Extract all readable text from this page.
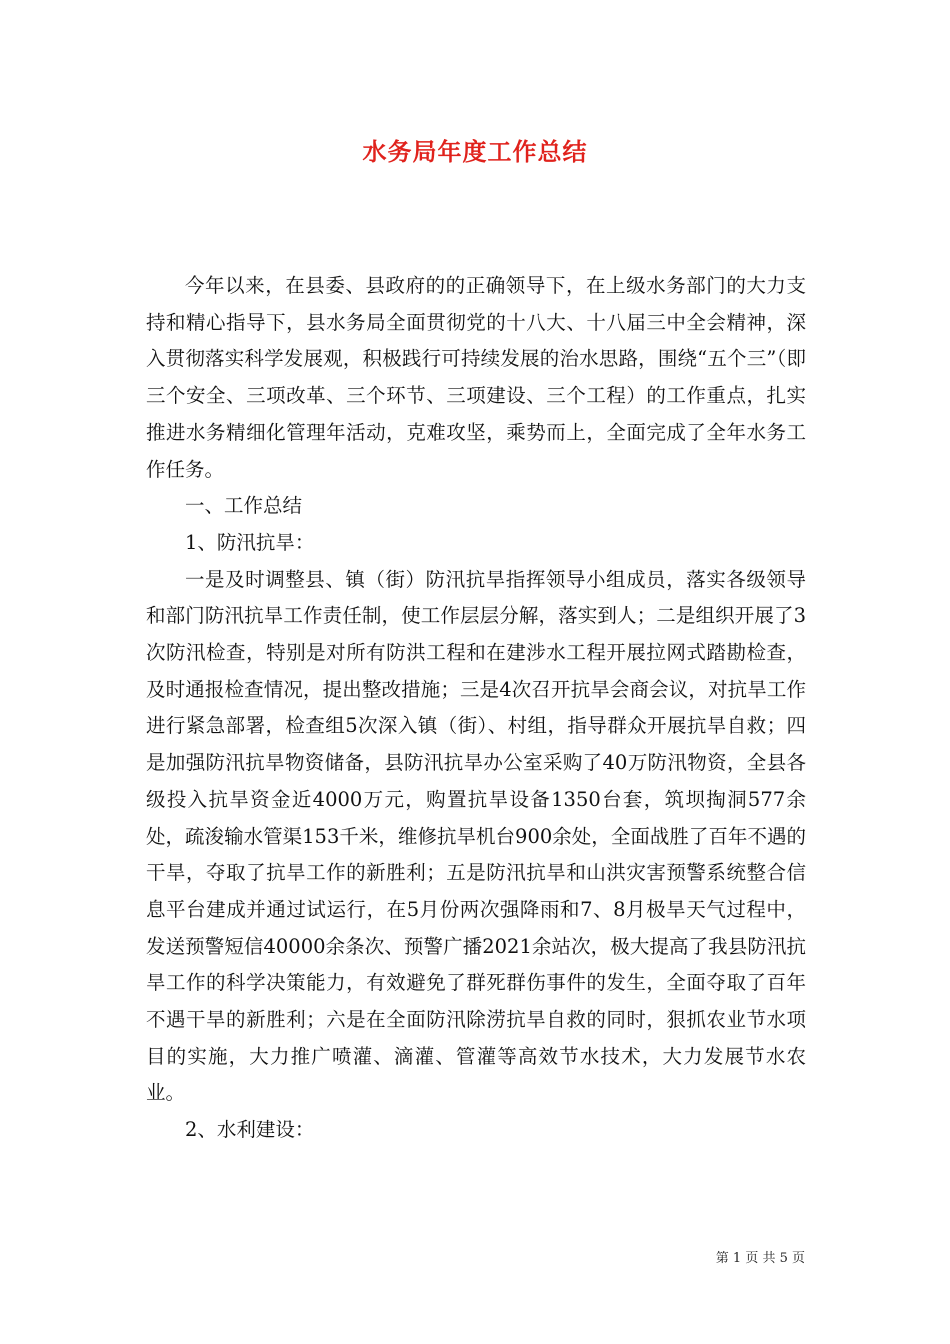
水务局年度工作总结

今年以来，在县委、县政府的的正确领导下，在上级水务部门的大力支持和精心指导下，县水务局全面贯彻党的十八大、十八届三中全会精神，深入贯彻落实科学发展观，积极践行可持续发展的治水思路，围绕“五个三”（即三个安全、三项改革、三个环节、三项建设、三个工程）的工作重点，扎实推进水务精细化管理年活动，克难攻坚，乘势而上，全面完成了全年水务工作任务。

一、工作总结

1、防汛抗旱：

一是及时调整县、镇（街）防汛抗旱指挥领导小组成员，落实各级领导和部门防汛抗旱工作责任制，使工作层层分解，落实到人；二是组织开展了3次防汛检查，特别是对所有防洪工程和在建涉水工程开展拉网式踏勘检查，及时通报检查情况，提出整改措施；三是4次召开抗旱会商会议，对抗旱工作进行紧急部署，检查组5次深入镇（街）、村组，指导群众开展抗旱自救；四是加强防汛抗旱物资储备，县防汛抗旱办公室采购了40万防汛物资，全县各级投入抗旱资金近4000万元，购置抗旱设备1350台套，筑坝掏洞577余处，疏浚输水管渠153千米，维修抗旱机台900余处，全面战胜了百年不遇的干旱，夺取了抗旱工作的新胜利；五是防汛抗旱和山洪灾害预警系统整合信息平台建成并通过试运行，在5月份两次强降雨和7、8月极旱天气过程中，发送预警短信40000余条次、预警广播2021余站次，极大提高了我县防汛抗旱工作的科学决策能力，有效避免了群死群伤事件的发生，全面夺取了百年不遇干旱的新胜利；六是在全面防汛除涝抗旱自救的同时，狠抓农业节水项目的实施，大力推广喷灌、滴灌、管灌等高效节水技术，大力发展节水农业。

2、水利建设：

第 1 页 共 5 页
